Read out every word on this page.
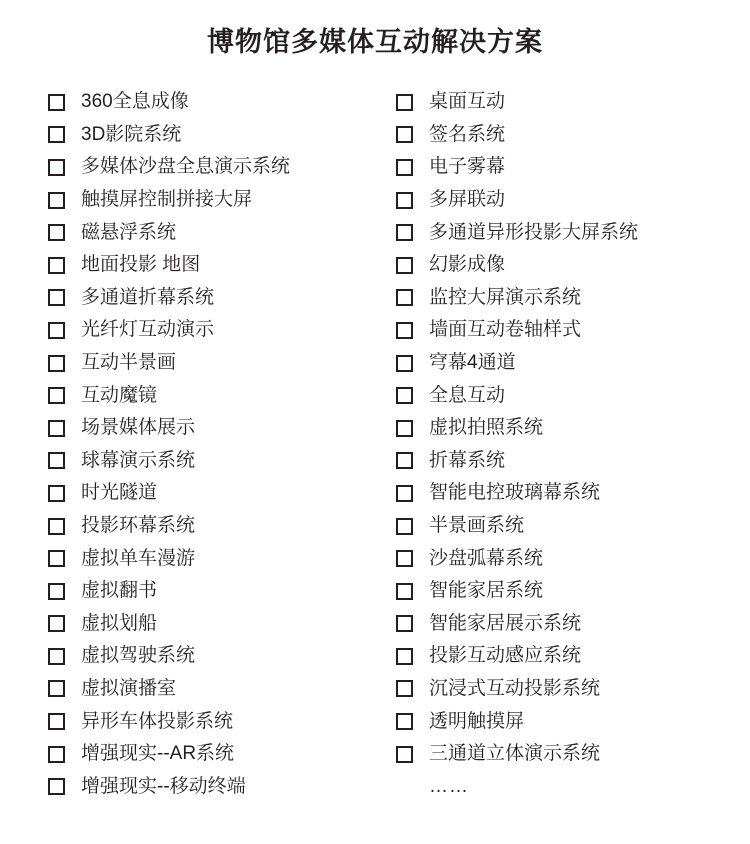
博物馆多媒体互动解决方案
360全息成像
3D影院系统
多媒体沙盘全息演示系统
触摸屏控制拼接大屏
磁悬浮系统
地面投影 地图
多通道折幕系统
光纤灯互动演示
互动半景画
互动魔镜
场景媒体展示
球幕演示系统
时光隧道
投影环幕系统
虚拟单车漫游
虚拟翻书
虚拟划船
虚拟驾驶系统
虚拟演播室
异形车体投影系统
增强现实--AR系统
增强现实--移动终端
桌面互动
签名系统
电子雾幕
多屏联动
多通道异形投影大屏系统
幻影成像
监控大屏演示系统
墙面互动卷轴样式
穹幕4通道
全息互动
虚拟拍照系统
折幕系统
智能电控玻璃幕系统
半景画系统
沙盘弧幕系统
智能家居系统
智能家居展示系统
投影互动感应系统
沉浸式互动投影系统
透明触摸屏
三通道立体演示系统
……
